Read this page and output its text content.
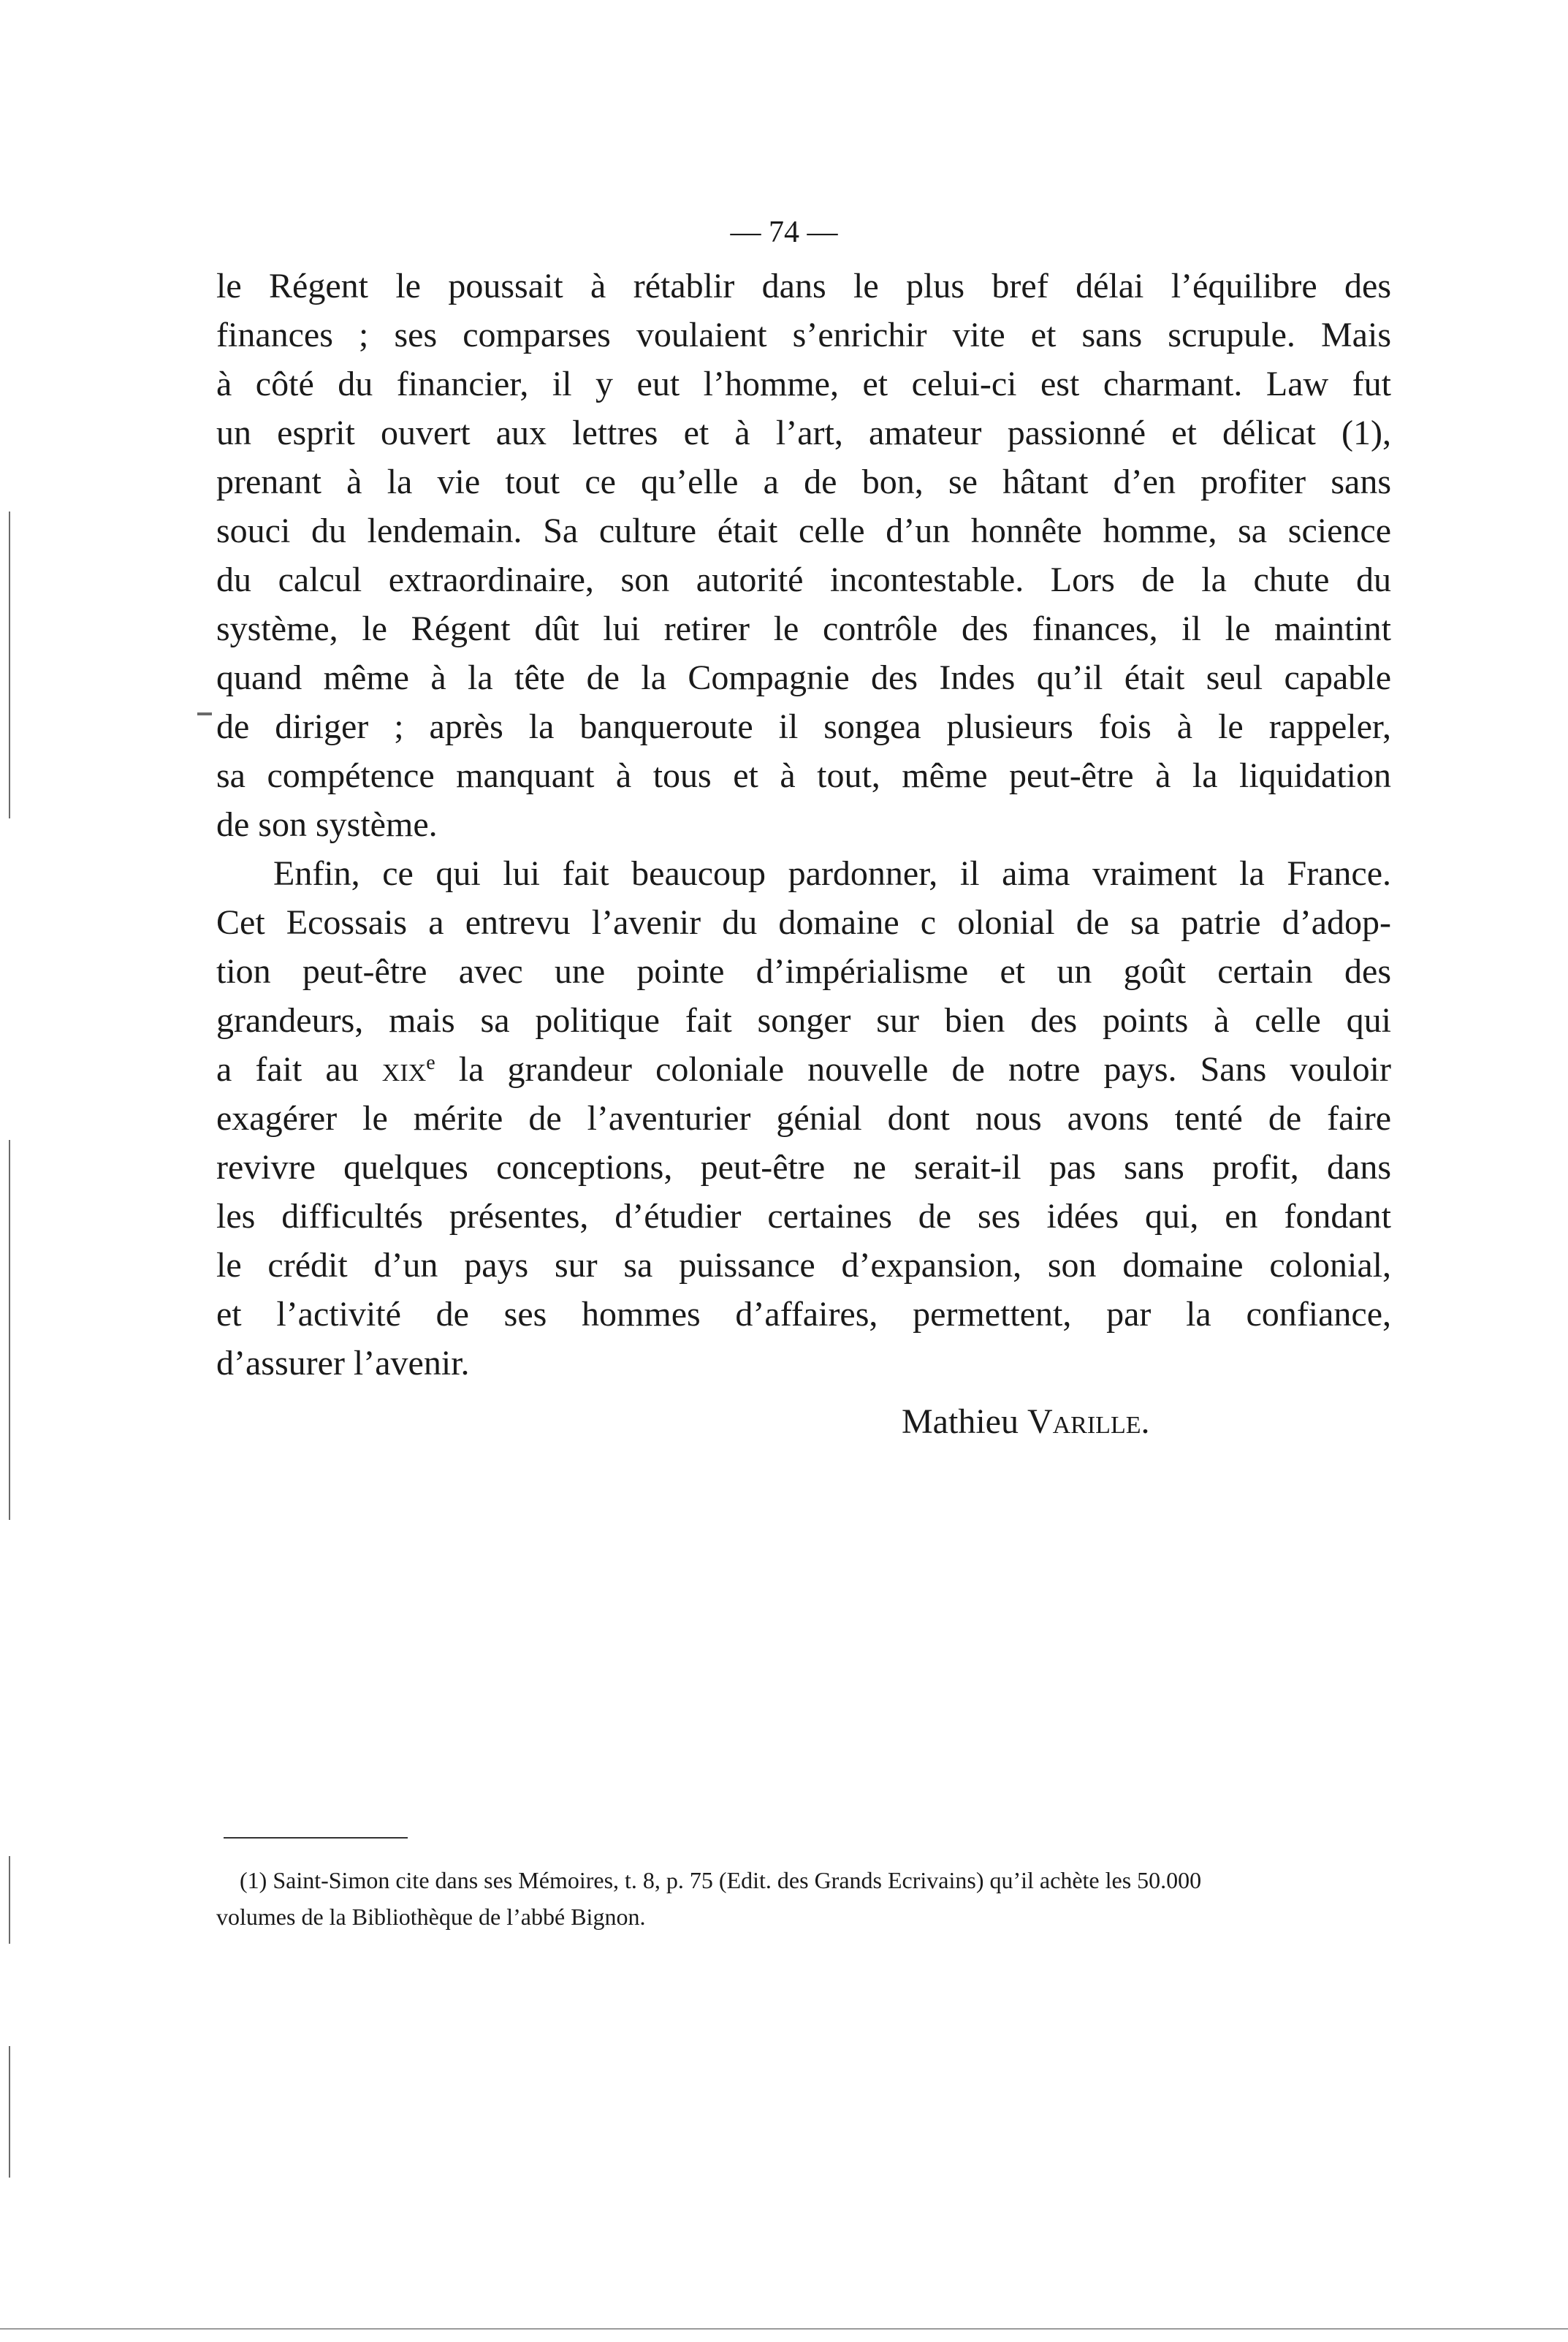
— 74 —
le Régent le poussait à rétablir dans le plus bref délai l’équilibre des
finances ; ses comparses voulaient s’enrichir vite et sans scrupule. Mais
à côté du financier, il y eut l’homme, et celui-ci est charmant. Law fut
un esprit ouvert aux lettres et à l’art, amateur passionné et délicat (1),
prenant à la vie tout ce qu’elle a de bon, se hâtant d’en profiter sans
souci du lendemain. Sa culture était celle d’un honnête homme, sa science
du calcul extraordinaire, son autorité incontestable. Lors de la chute du
système, le Régent dût lui retirer le contrôle des finances, il le maintint
quand même à la tête de la Compagnie des Indes qu’il était seul capable
de diriger ; après la banqueroute il songea plusieurs fois à le rappeler,
sa compétence manquant à tous et à tout, même peut-être à la liquidation
de son système.
Enfin, ce qui lui fait beaucoup pardonner, il aima vraiment la France.
Cet Ecossais a entrevu l’avenir du domaine c olonial de sa patrie d’adop-
tion peut-être avec une pointe d’impérialisme et un goût certain des
grandeurs, mais sa politique fait songer sur bien des points à celle qui
a fait au xix$^e$ la grandeur coloniale nouvelle de notre pays. Sans vouloir
exagérer le mérite de l’aventurier génial dont nous avons tenté de faire
revivre quelques conceptions, peut-être ne serait-il pas sans profit, dans
les difficultés présentes, d’étudier certaines de ses idées qui, en fondant
le crédit d’un pays sur sa puissance d’expansion, son domaine colonial,
et l’activité de ses hommes d’affaires, permettent, par la confiance,
d’assurer l’avenir.
Mathieu Varille.
(1) Saint-Simon cite dans ses Mémoires, t. 8, p. 75 (Edit. des Grands Ecrivains) qu’il achète les 50.000
volumes de la Bibliothèque de l’abbé Bignon.
